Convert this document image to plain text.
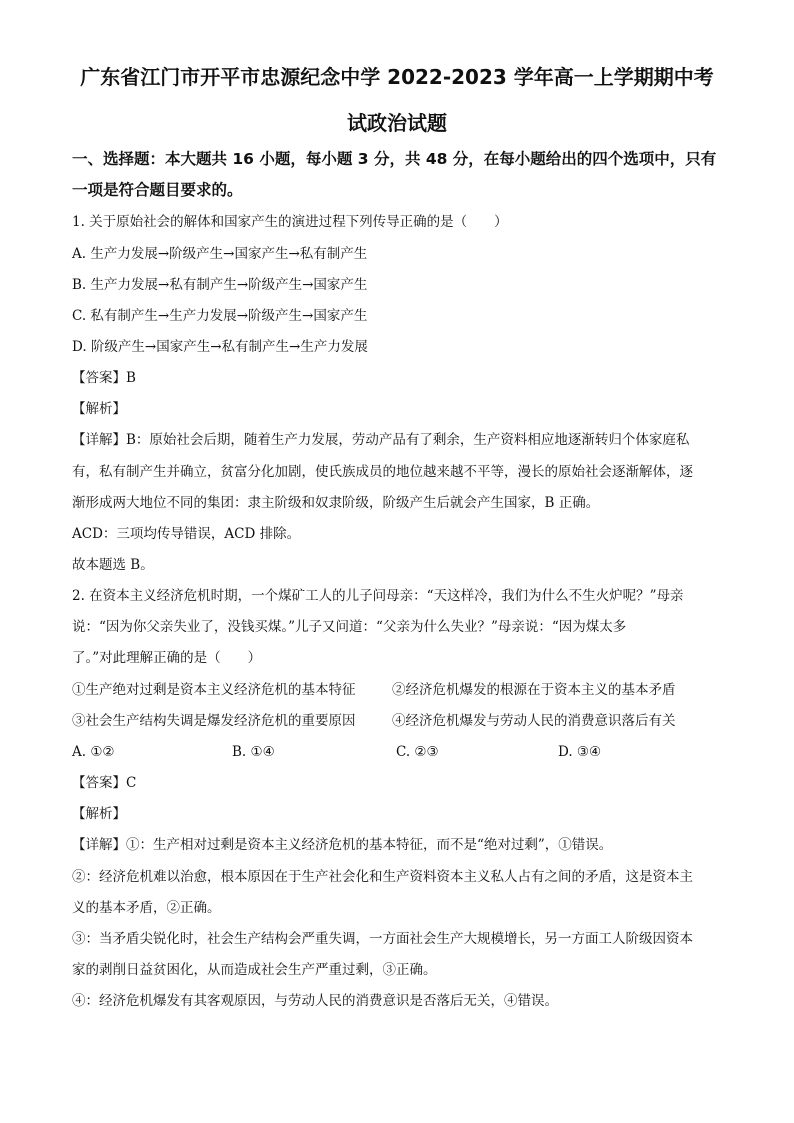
广东省江门市开平市忠源纪念中学 2022-2023 学年高一上学期期中考
试政治试题
一、选择题：本大题共 16 小题，每小题 3 分，共 48 分，在每小题给出的四个选项中，只有
一项是符合题目要求的。
1. 关于原始社会的解体和国家产生的演进过程下列传导正确的是（　　）
A. 生产力发展→阶级产生→国家产生→私有制产生
B. 生产力发展→私有制产生→阶级产生→国家产生
C. 私有制产生→生产力发展→阶级产生→国家产生
D. 阶级产生→国家产生→私有制产生→生产力发展
【答案】B
【解析】
【详解】B：原始社会后期，随着生产力发展，劳动产品有了剩余，生产资料相应地逐渐转归个体家庭私
有，私有制产生并确立，贫富分化加剧，使氏族成员的地位越来越不平等，漫长的原始社会逐渐解体，逐
渐形成两大地位不同的集团：隶主阶级和奴隶阶级，阶级产生后就会产生国家，B 正确。
ACD：三项均传导错误，ACD 排除。
故本题选 B。
2. 在资本主义经济危机时期，一个煤矿工人的儿子问母亲：“天这样冷，我们为什么不生火炉呢？”母亲
说：“因为你父亲失业了，没钱买煤。”儿子又问道：“父亲为什么失业？”母亲说：“因为煤太多
了。”对此理解正确的是（　　）
①生产绝对过剩是资本主义经济危机的基本特征	②经济危机爆发的根源在于资本主义的基本矛盾
③社会生产结构失调是爆发经济危机的重要原因	④经济危机爆发与劳动人民的消费意识落后有关
A. ①②	B. ①④	C. ②③	D. ③④
【答案】C
【解析】
【详解】①：生产相对过剩是资本主义经济危机的基本特征，而不是“绝对过剩”，①错误。
②：经济危机难以治愈，根本原因在于生产社会化和生产资料资本主义私人占有之间的矛盾，这是资本主
义的基本矛盾，②正确。
③：当矛盾尖锐化时，社会生产结构会严重失调，一方面社会生产大规模增长，另一方面工人阶级因资本
家的剥削日益贫困化，从而造成社会生产严重过剩，③正确。
④：经济危机爆发有其客观原因，与劳动人民的消费意识是否落后无关，④错误。
